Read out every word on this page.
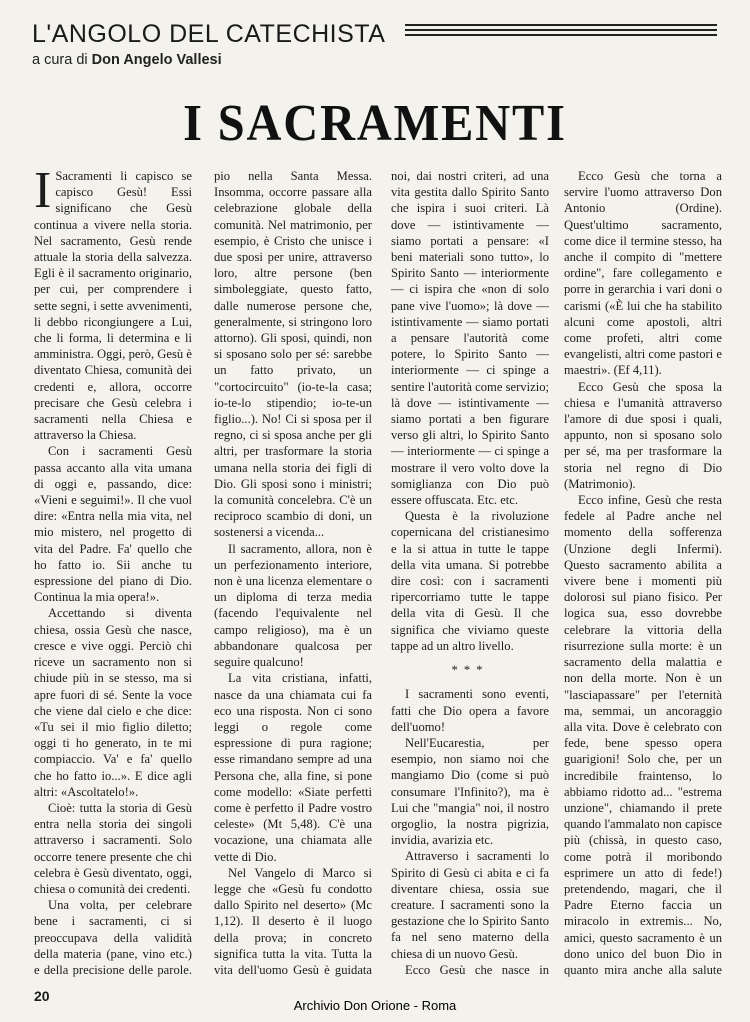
L'ANGOLO DEL CATECHISTA
a cura di Don Angelo Vallesi
I SACRAMENTI

I Sacramenti li capisco se capisco Gesù! Essi significano che Gesù continua a vivere nella storia. Nel sacramento, Gesù rende attuale la storia della salvezza. Egli è il sacramento originario, per cui, per comprendere i sette segni, i sette avvenimenti, li debbo ricongiungere a Lui, che li forma, li determina e li amministra. Oggi, però, Gesù è diventato Chiesa, comunità dei credenti e, allora, occorre precisare che Gesù celebra i sacramenti nella Chiesa e attraverso la Chiesa.

Con i sacramenti Gesù passa accanto alla vita umana di oggi e, passando, dice: «Vieni e seguimi!». Il che vuol dire: «Entra nella mia vita, nel mio mistero, nel progetto di vita del Padre. Fa' quello che ho fatto io. Sii anche tu espressione del piano di Dio. Continua la mia opera!».

Accettando si diventa chiesa, ossia Gesù che nasce, cresce e vive oggi. Perciò chi riceve un sacramento non si chiude più in se stesso, ma si apre fuori di sé. Sente la voce che viene dal cielo e che dice: «Tu sei il mio figlio diletto; oggi ti ho generato, in te mi compiaccio. Va' e fa' quello che ho fatto io...». E dice agli altri: «Ascoltatelo!».

Cioè: tutta la storia di Gesù entra nella storia dei singoli attraverso i sacramenti. Solo occorre tenere presente che chi celebra è Gesù diventato, oggi, chiesa o comunità dei credenti.

Una volta, per celebrare bene i sacramenti, ci si preoccupava della validità della materia (pane, vino etc.) e della precisione delle parole.

pio nella Santa Messa. Insomma, occorre passare alla celebrazione globale della comunità. Nel matrimonio, per esempio, è Cristo che unisce i due sposi per unire, attraverso loro, altre persone (ben simboleggiate, questo fatto, dalle numerose persone che, generalmente, si stringono loro attorno). Gli sposi, quindi, non si sposano solo per sé: sarebbe un fatto privato, un "cortocircuito" (io-te-la casa; io-te-lo stipendio; io-te-un figlio...). No! Ci si sposa per il regno, ci si sposa anche per gli altri, per trasformare la storia umana nella storia dei figli di Dio. Gli sposi sono i ministri; la comunità concelebra. C'è un reciproco scambio di doni, un sostenersi a vicenda...

Il sacramento, allora, non è un perfezionamento interiore, non è una licenza elementare o un diploma di terza media (facendo l'equivalente nel campo religioso), ma è un abbandonare qualcosa per seguire qualcuno!

La vita cristiana, infatti, nasce da una chiamata cui fa eco una risposta. Non ci sono leggi o regole come espressione di pura ragione; esse rimandano sempre ad una Persona che, alla fine, si pone come modello: «Siate perfetti come è perfetto il Padre vostro celeste» (Mt 5,48). C'è una vocazione, una chiamata alle vette di Dio.

Nel Vangelo di Marco si legge che «Gesù fu condotto dallo Spirito nel deserto» (Mc 1,12). Il deserto è il luogo della prova; in concreto significa tutta la vita. Tutta la vita dell'uomo Gesù è guidata

noi, dai nostri criteri, ad una vita gestita dallo Spirito Santo che ispira i suoi criteri. Là dove — istintivamente — siamo portati a pensare: «I beni materiali sono tutto», lo Spirito Santo — interiormente — ci ispira che «non di solo pane vive l'uomo»; là dove — istintivamente — siamo portati a pensare l'autorità come potere, lo Spirito Santo — interiormente — ci spinge a sentire l'autorità come servizio; là dove — istintivamente — siamo portati a ben figurare verso gli altri, lo Spirito Santo — interiormente — ci spinge a mostrare il vero volto dove la somiglianza con Dio può essere offuscata. Etc. etc.

Questa è la rivoluzione copernicana del cristianesimo e la si attua in tutte le tappe della vita umana. Si potrebbe dire così: con i sacramenti ripercorriamo tutte le tappe della vita di Gesù. Il che significa che viviamo queste tappe ad un altro livello.

***

I sacramenti sono eventi, fatti che Dio opera a favore dell'uomo!

Nell'Eucarestia, per esempio, non siamo noi che mangiamo Dio (come si può consumare l'Infinito?), ma è Lui che "mangia" noi, il nostro orgoglio, la nostra pigrizia, invidia, avarizia etc.

Attraverso i sacramenti lo Spirito di Gesù ci abita e ci fa diventare chiesa, ossia sue creature. I sacramenti sono la gestazione che lo Spirito Santo fa nel seno materno della chiesa di un nuovo Gesù.

Ecco Gesù che nasce in

Ecco Gesù che torna a servire l'uomo attraverso Don Antonio (Ordine). Quest'ultimo sacramento, come dice il termine stesso, ha anche il compito di "mettere ordine", fare collegamento e porre in gerarchia i vari doni o carismi («È lui che ha stabilito alcuni come apostoli, altri come profeti, altri come evangelisti, altri come pastori e maestri». (Ef 4,11).

Ecco Gesù che sposa la chiesa e l'umanità attraverso l'amore di due sposi i quali, appunto, non si sposano solo per sé, ma per trasformare la storia nel regno di Dio (Matrimonio).

Ecco infine, Gesù che resta fedele al Padre anche nel momento della sofferenza (Unzione degli Infermi). Questo sacramento abilita a vivere bene i momenti più dolorosi sul piano fisico. Per logica sua, esso dovrebbe celebrare la vittoria della risurrezione sulla morte: è un sacramento della malattia e non della morte. Non è un "lasciapassare" per l'eternità ma, semmai, un ancoraggio alla vita. Dove è celebrato con fede, bene spesso opera guarigioni! Solo che, per un incredibile fraintenso, lo abbiamo ridotto ad... "estrema unzione", chiamando il prete quando l'ammalato non capisce più (chissà, in questo caso, come potrà il moribondo esprimere un atto di fede!) pretendendo, magari, che il Padre Eterno faccia un miracolo in extremis... No, amici, questo sacramento è un dono unico del buon Dio in quanto mira anche alla salute

20
Archivio Don Orione - Roma
